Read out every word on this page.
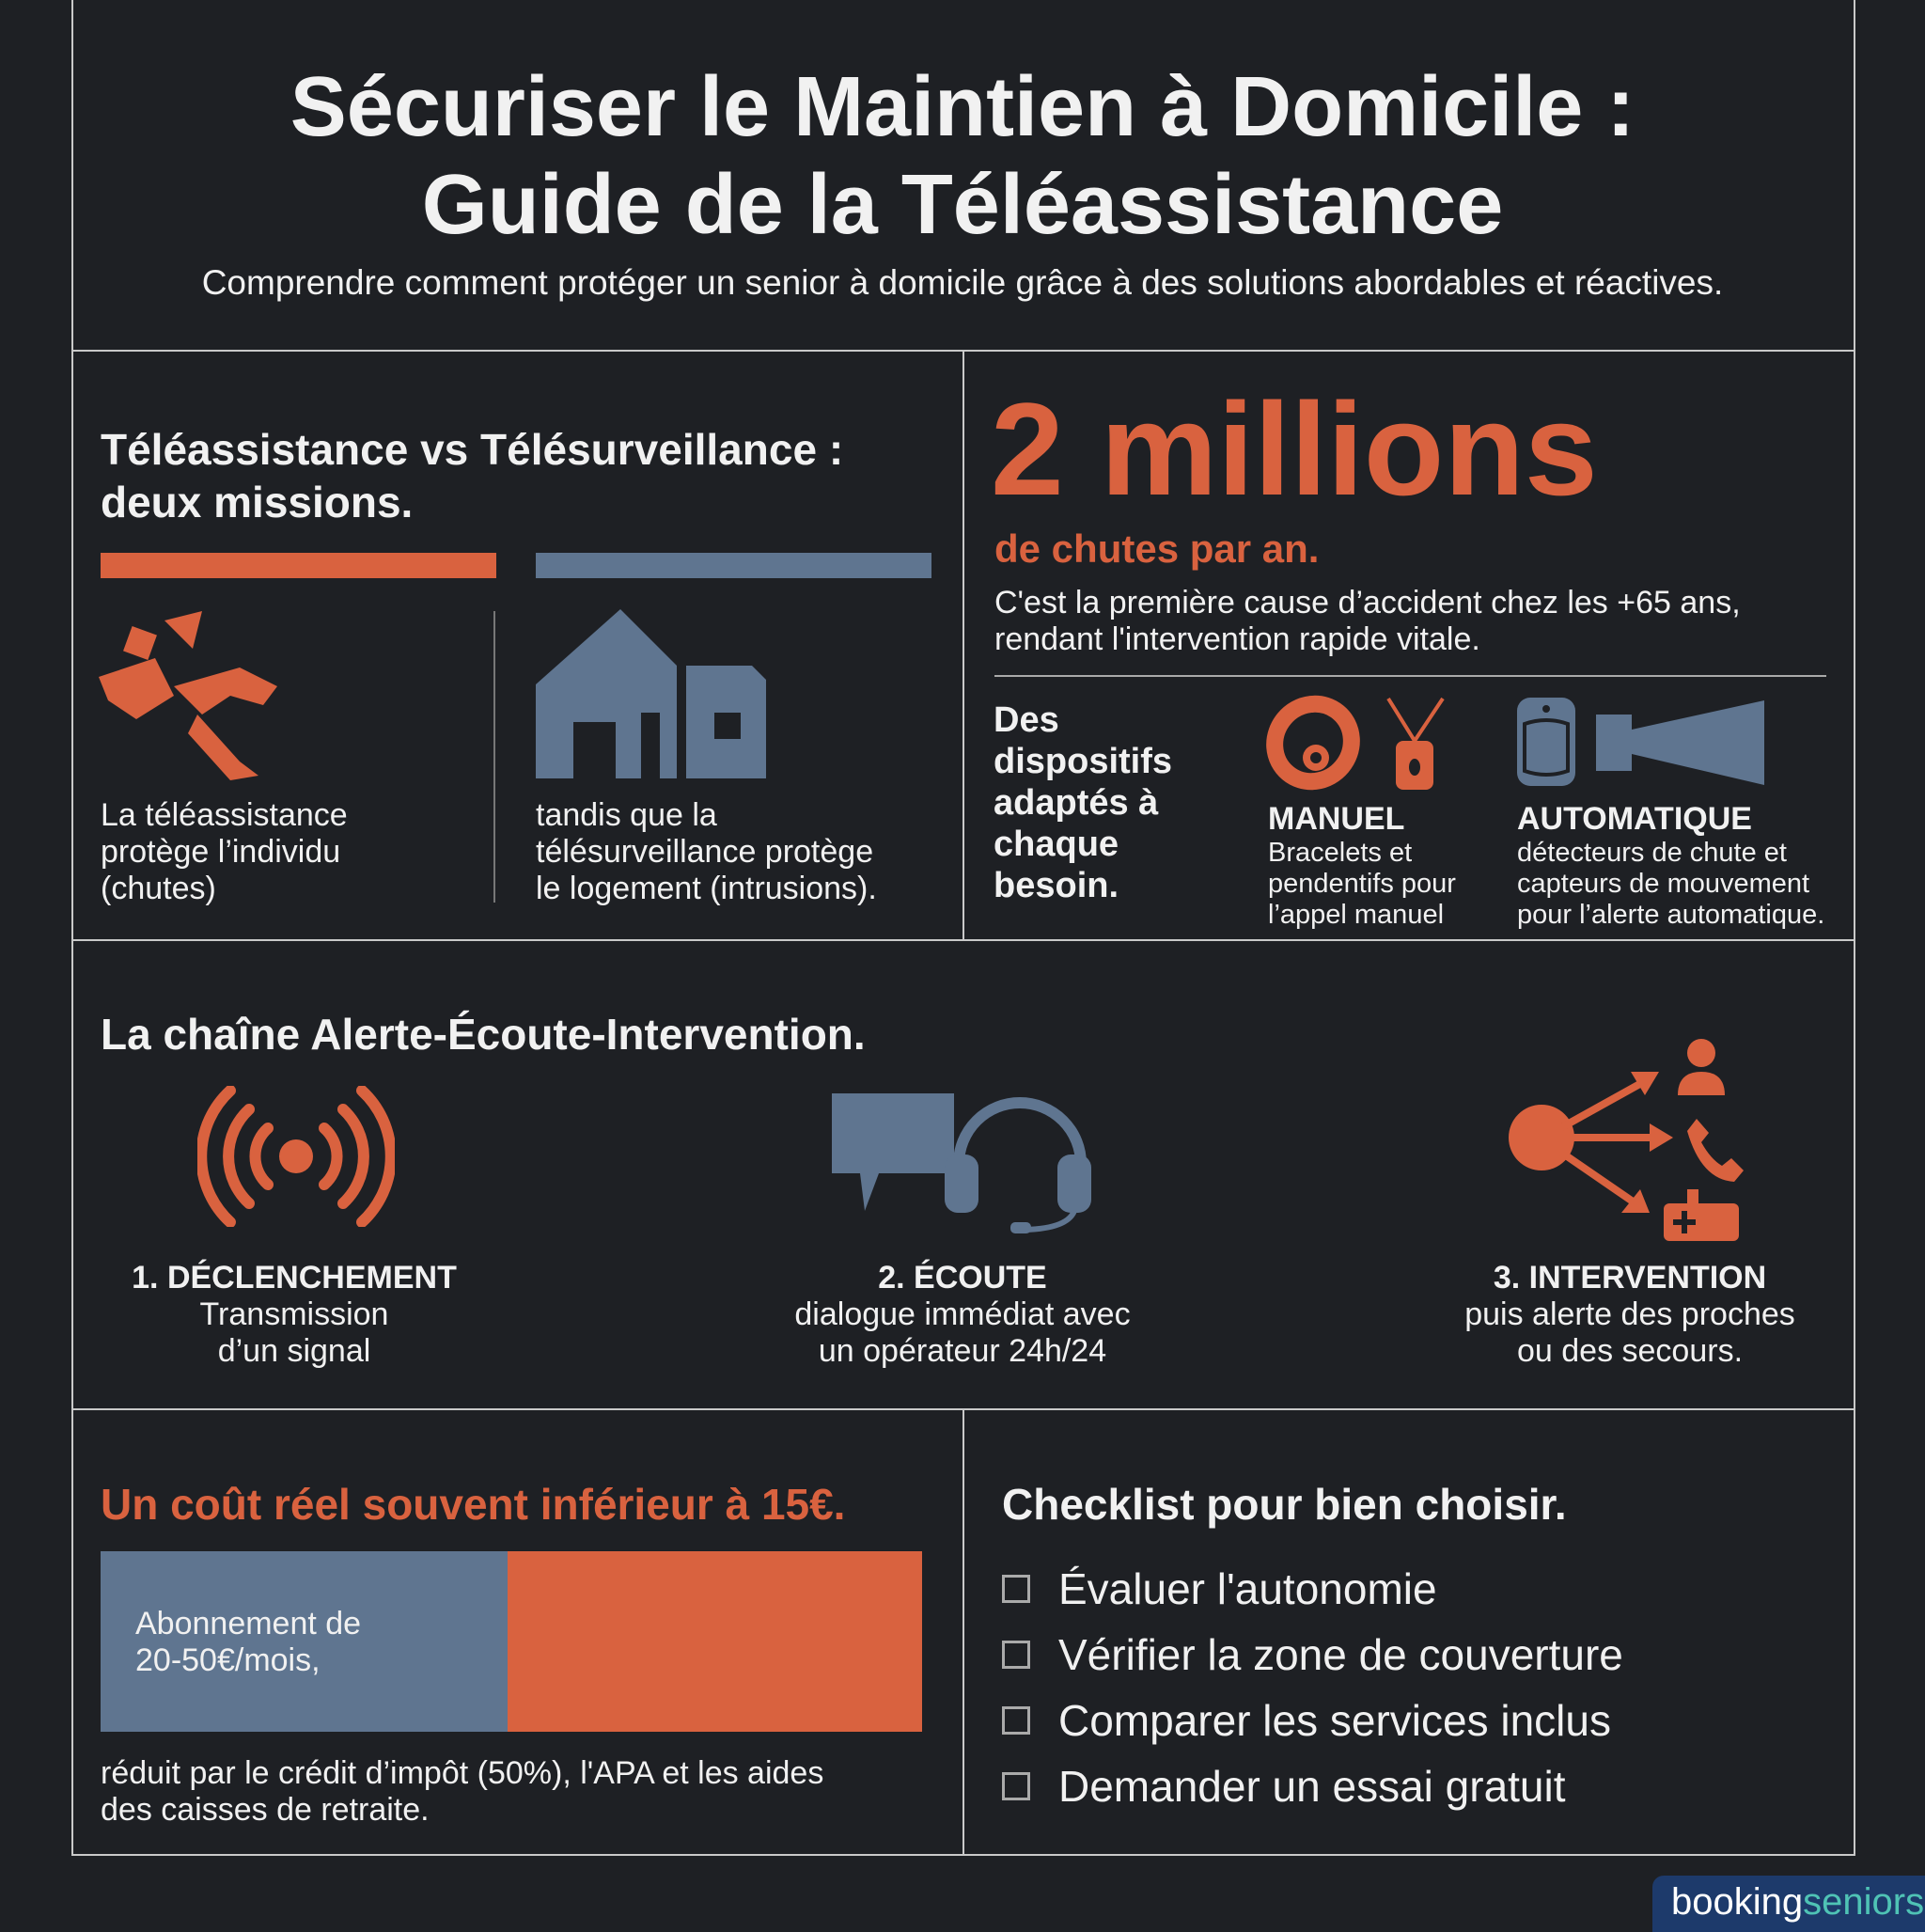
Sécuriser le Maintien à Domicile :
Guide de la Téléassistance
Comprendre comment protéger un senior à domicile grâce à des solutions abordables et réactives.
Téléassistance vs Télésurveillance :
deux missions.
La téléassistance
protège l’individu
(chutes)
tandis que la
télésurveillance protège
le logement (intrusions).
2 millions
de chutes par an.
C'est la première cause d’accident chez les +65 ans,
rendant l'intervention rapide vitale.
Des
dispositifs
adaptés à
chaque
besoin.
MANUEL
Bracelets et
pendentifs pour
l’appel manuel
AUTOMATIQUE
détecteurs de chute et
capteurs de mouvement
pour l’alerte automatique.
La chaîne Alerte-Écoute-Intervention.
1. DÉCLENCHEMENT
Transmission
d’un signal
2. ÉCOUTE
dialogue immédiat avec
un opérateur 24h/24
3. INTERVENTION
puis alerte des proches
ou des secours.
Un coût réel souvent inférieur à 15€.
Abonnement de
20-50€/mois,
réduit par le crédit d’impôt (50%), l'APA et les aides
des caisses de retraite.
Checklist pour bien choisir.
Évaluer l'autonomie
Vérifier la zone de couverture
Comparer les services inclus
Demander un essai gratuit
bookingseniors
